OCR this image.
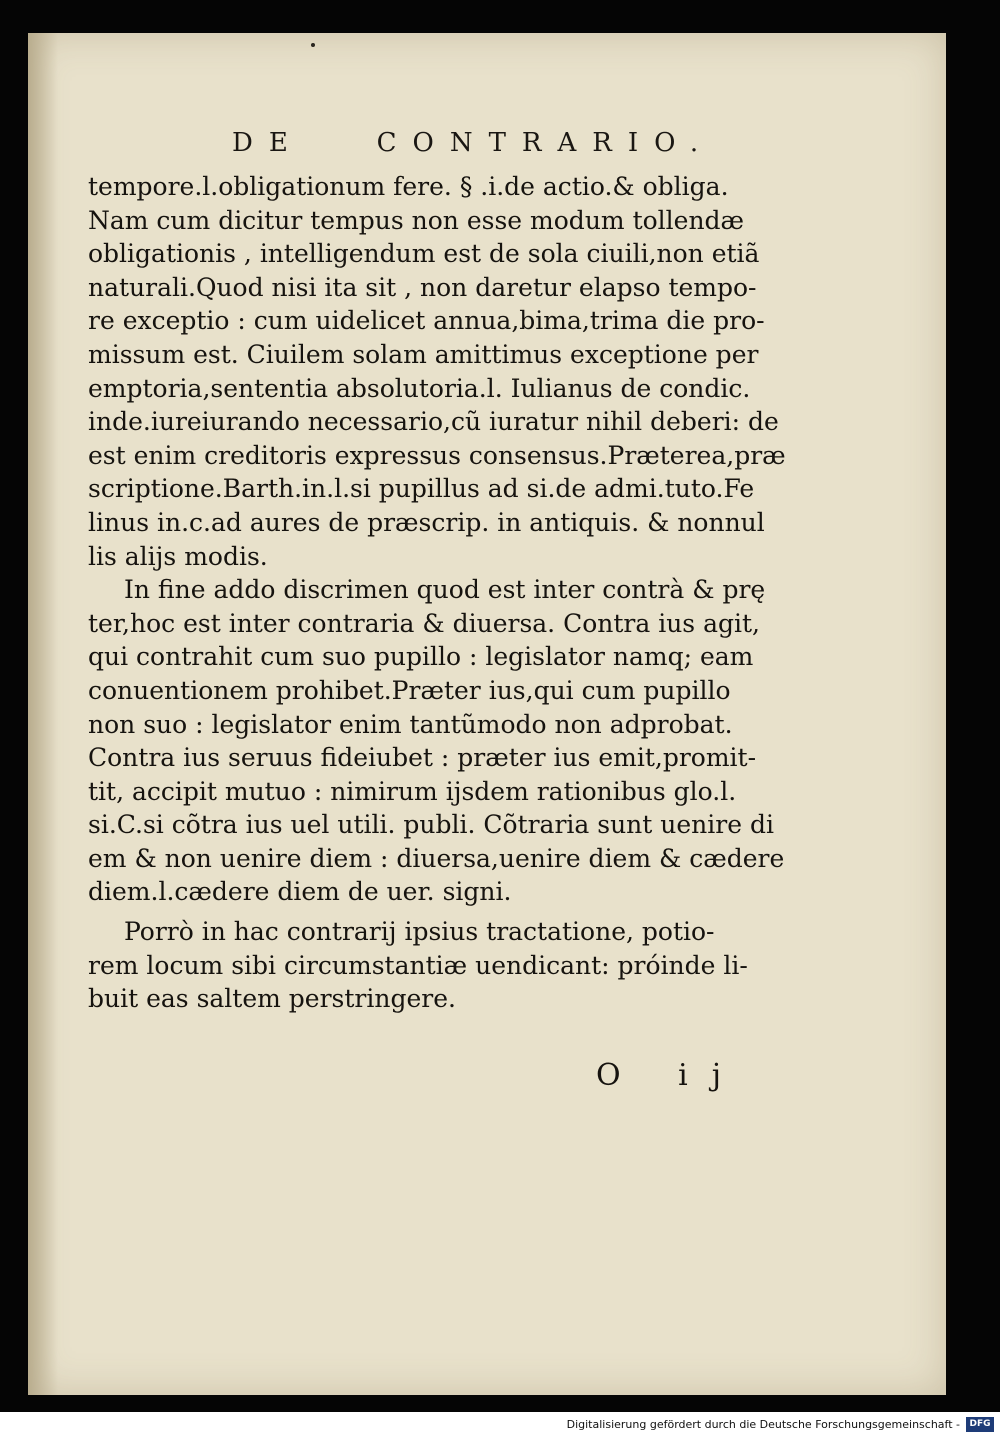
DE   CONTRARIO.
tempore.l.obligationum fere. § .i.de actio.& obliga.
Nam cum dicitur tempus non esse modum tollendæ
obligationis , intelligendum est de sola ciuili,non etiã
naturali.Quod nisi ita sit , non daretur elapso tempo-
re exceptio : cum uidelicet annua,bima,trima die pro-
missum est. Ciuilem solam amittimus exceptione per
emptoria,sententia absolutoria.l. Iulianus de condic.
inde.iureiurando necessario,cũ iuratur nihil deberi: de
est enim creditoris expressus consensus.Præterea,præ
scriptione.Barth.in.l.si pupillus ad si.de admi.tuto.Fe
linus in.c.ad aures de præscrip. in antiquis. & nonnul
lis alijs modis.
In fine addo discrimen quod est inter contrà & prę
ter,hoc est inter contraria & diuersa. Contra ius agit,
qui contrahit cum suo pupillo : legislator namq; eam
conuentionem prohibet.Præter ius,qui cum pupillo
non suo : legislator enim tantũmodo non adprobat.
Contra ius seruus fideiubet : præter ius emit,promit-
tit, accipit mutuo : nimirum ijsdem rationibus glo.l.
si.C.si cõtra ius uel utili. publi. Cõtraria sunt uenire di
em & non uenire diem : diuersa,uenire diem & cædere
diem.l.cædere diem de uer. signi.
Porrò in hac contrarij ipsius tractatione, potio-
rem locum sibi circumstantiæ uendicant: próinde li-
buit eas saltem perstringere.
O ij
Digitalisierung gefördert durch die Deutsche Forschungsgemeinschaft -	DFG
